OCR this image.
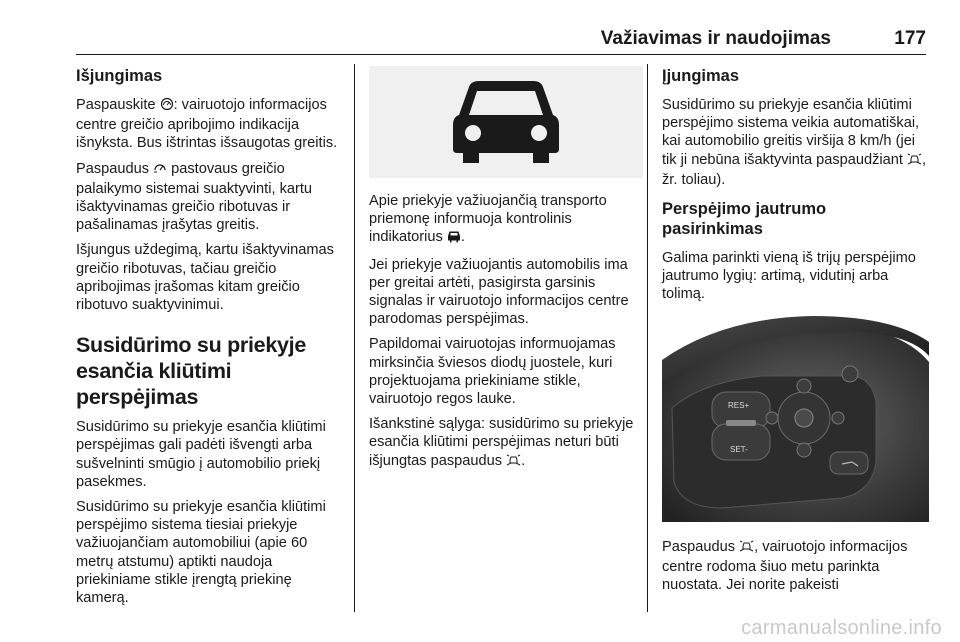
Važiavimas ir naudojimas	177
Išjungimas

Paspauskite : vairuotojo informacijos centre greičio apribojimo indikacija išnyksta. Bus ištrintas išsaugotas greitis.

Paspaudus  pastovaus greičio palaikymo sistemai suaktyvinti, kartu išaktyvinamas greičio ribotuvas ir pašalinamas įrašytas greitis.

Išjungus uždegimą, kartu išaktyvinamas greičio ribotuvas, tačiau greičio apribojimas įrašomas kitam greičio ribotuvo suaktyvinimui.

Susidūrimo su priekyje esančia kliūtimi perspėjimas

Susidūrimo su priekyje esančia kliūtimi perspėjimas gali padėti išvengti arba sušvelninti smūgio į automobilio priekį pasekmes.

Susidūrimo su priekyje esančia kliūtimi perspėjimo sistema tiesiai priekyje važiuojančiam automobiliui (apie 60 metrų atstumu) aptikti naudoja priekiniame stikle įrengtą priekinę kamerą.

Apie priekyje važiuojančią transporto priemonę informuoja kontrolinis indikatorius .

Jei priekyje važiuojantis automobilis ima per greitai artėti, pasigirsta garsinis signalas ir vairuotojo informacijos centre parodomas perspėjimas.

Papildomai vairuotojas informuojamas mirksinčia šviesos diodų juostele, kuri projektuojama priekiniame stikle, vairuotojo regos lauke.

Išankstinė sąlyga: susidūrimo su priekyje esančia kliūtimi perspėjimas neturi būti išjungtas paspaudus .

Įjungimas

Susidūrimo su priekyje esančia kliūtimi perspėjimo sistema veikia automatiškai, kai automobilio greitis viršija 8 km/h (jei tik ji nebūna išaktyvinta paspaudžiant , žr. toliau).

Perspėjimo jautrumo pasirinkimas

Galima parinkti vieną iš trijų perspėjimo jautrumo lygių: artimą, vidutinį arba tolimą.

RES+
SET-

Paspaudus , vairuotojo informacijos centre rodoma šiuo metu parinkta nuostata. Jei norite pakeisti

carmanualsonline.info
